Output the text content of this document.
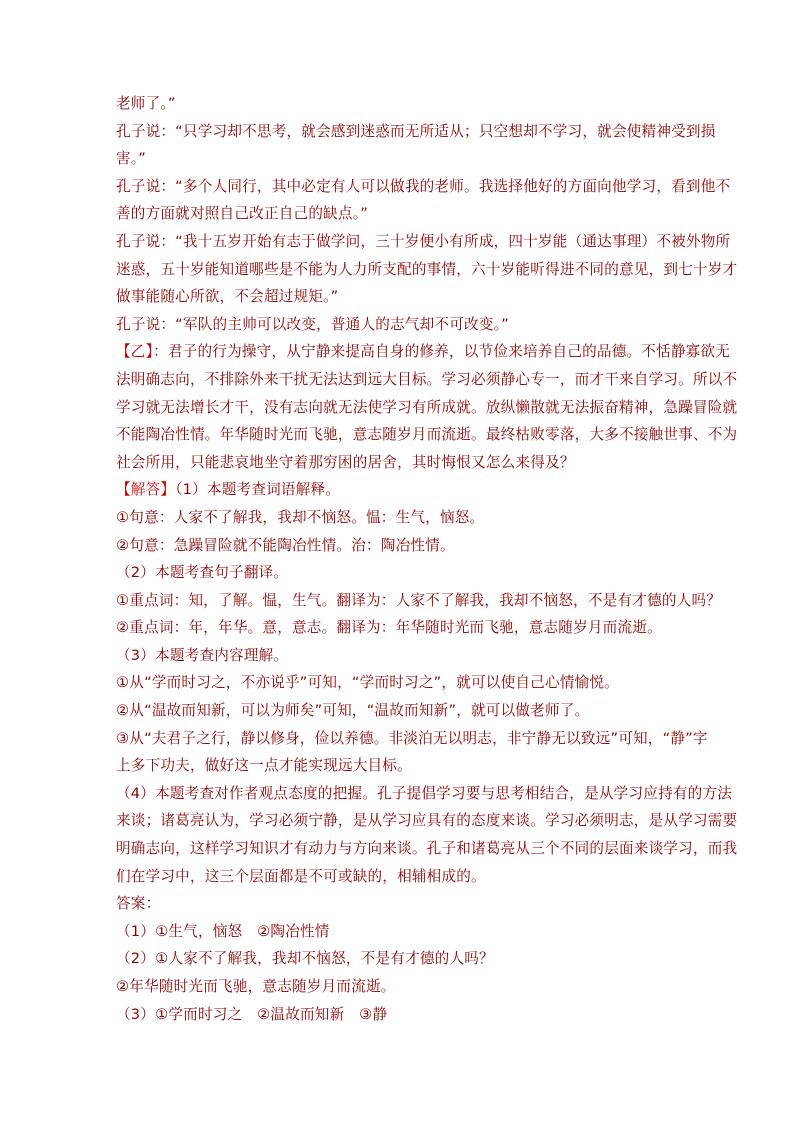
老师了。”
孔子说：“只学习却不思考，就会感到迷惑而无所适从；只空想却不学习，就会使精神受到损
害。”
孔子说：“多个人同行，其中必定有人可以做我的老师。我选择他好的方面向他学习，看到他不
善的方面就对照自己改正自己的缺点。”
孔子说：“我十五岁开始有志于做学问，三十岁便小有所成，四十岁能（通达事理）不被外物所
迷惑，五十岁能知道哪些是不能为人力所支配的事情，六十岁能听得进不同的意见，到七十岁才
做事能随心所欲，不会超过规矩。”
孔子说：“军队的主帅可以改变，普通人的志气却不可改变。”
【乙】：君子的行为操守，从宁静来提高自身的修养，以节俭来培养自己的品德。不恬静寡欲无
法明确志向，不排除外来干扰无法达到远大目标。学习必须静心专一，而才干来自学习。所以不
学习就无法增长才干，没有志向就无法使学习有所成就。放纵懒散就无法振奋精神，急躁冒险就
不能陶冶性情。年华随时光而飞驰，意志随岁月而流逝。最终枯败零落，大多不接触世事、不为
社会所用，只能悲哀地坐守着那穷困的居舍，其时悔恨又怎么来得及？
【解答】（1）本题考查词语解释。
①句意：人家不了解我，我却不恼怒。愠：生气，恼怒。
②句意：急躁冒险就不能陶冶性情。治：陶冶性情。
（2）本题考查句子翻译。
①重点词：知，了解。愠，生气。翻译为：人家不了解我，我却不恼怒，不是有才德的人吗？
②重点词：年，年华。意，意志。翻译为：年华随时光而飞驰，意志随岁月而流逝。
（3）本题考查内容理解。
①从“学而时习之，不亦说乎”可知，“学而时习之”，就可以使自己心情愉悦。
②从“温故而知新，可以为师矣”可知，“温故而知新”，就可以做老师了。
③从“夫君子之行，静以修身，俭以养德。非淡泊无以明志，非宁静无以致远”可知，“静”字
上多下功夫，做好这一点才能实现远大目标。
（4）本题考查对作者观点态度的把握。孔子提倡学习要与思考相结合，是从学习应持有的方法
来谈；诸葛亮认为，学习必须宁静，是从学习应具有的态度来谈。学习必须明志，是从学习需要
明确志向，这样学习知识才有动力与方向来谈。孔子和诸葛亮从三个不同的层面来谈学习，而我
们在学习中，这三个层面都是不可或缺的，相辅相成的。
答案：
（1）①生气，恼怒　②陶冶性情
（2）①人家不了解我，我却不恼怒，不是有才德的人吗？
②年华随时光而飞驰，意志随岁月而流逝。
（3）①学而时习之　②温故而知新　③静
